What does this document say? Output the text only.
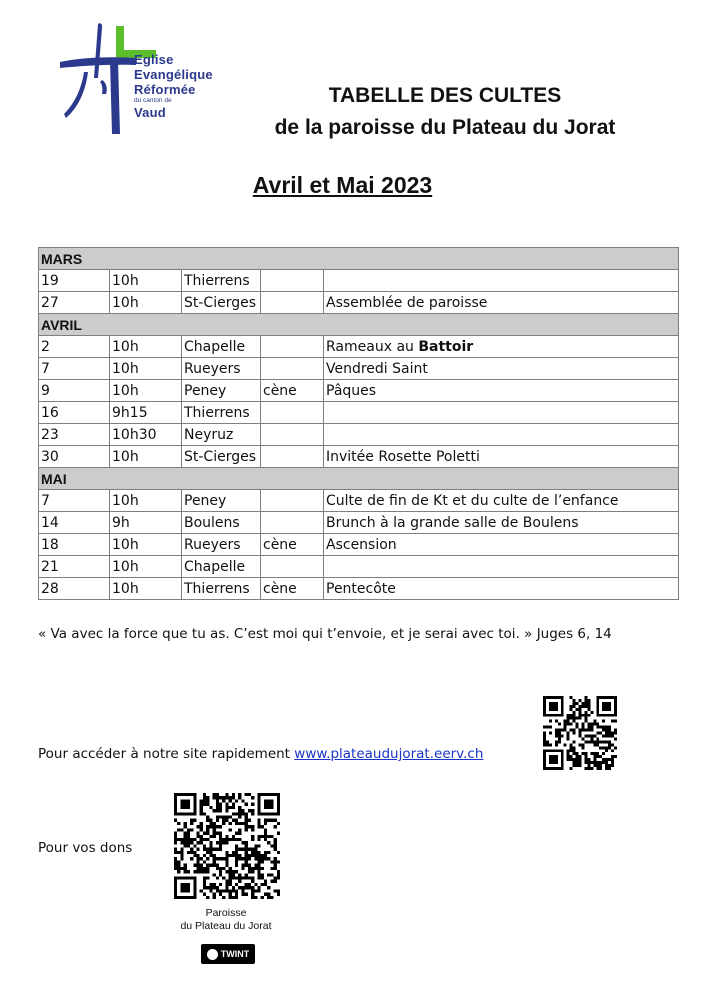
Eglise
Evangélique
Réformée
du canton de
Vaud
TABELLE DES CULTES
de la paroisse du Plateau du Jorat
Avril et Mai 2023
MARS				
19	10h	Thierrens		
27	10h	St-Cierges		Assemblée de paroisse
AVRIL				
2	10h	Chapelle		Rameaux au Battoir
7	10h	Rueyers		Vendredi Saint
9	10h	Peney	cène	Pâques
16	9h15	Thierrens		
23	10h30	Neyruz		
30	10h	St-Cierges		Invitée Rosette Poletti
MAI				
7	10h	Peney		Culte de fin de Kt et du culte de l’enfance
14	9h	Boulens		Brunch à la grande salle de Boulens
18	10h	Rueyers	cène	Ascension
21	10h	Chapelle		
28	10h	Thierrens	cène	Pentecôte
« Va avec la force que tu as. C’est moi qui t’envoie, et je serai avec toi. » Juges 6, 14
Pour accéder à notre site rapidement www.plateaudujorat.eerv.ch
Pour vos dons
Paroisse
du Plateau du Jorat
TWINT
